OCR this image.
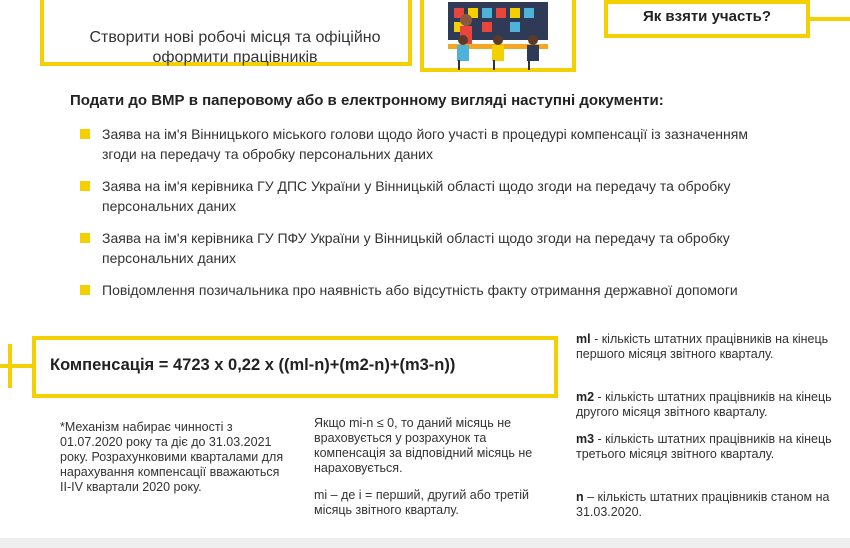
Створити нові робочі місця та офіційно оформити працівників
Як взяти участь?
Подати до ВМР в паперовому або в електронному вигляді наступні документи:
Заява на ім'я Вінницького міського голови щодо його участі в процедурі компенсації із зазначенням згоди на передачу та обробку персональних даних
Заява на ім'я керівника ГУ ДПС України у Вінницькій області щодо згоди на передачу та обробку персональних даних
Заява на ім'я керівника ГУ ПФУ України у Вінницькій області щодо згоди на передачу та обробку персональних даних
Повідомлення позичальника про наявність або відсутність факту отримання державної допомоги
Компенсація = 4723 x 0,22 x ((ml-n)+(m2-n)+(m3-n))
*Механізм набирає чинності з 01.07.2020 року та діє до 31.03.2021 року. Розрахунковими кварталами для нарахування компенсації вважаються II-IV квартали 2020 року.
Якщо mi-n ≤ 0, то даний місяць не враховується у розрахунок та компенсація за відповідний місяць не нараховується.
mi – де i = перший, другий або третій місяць звітного кварталу.
ml - кількість штатних працівників на кінець першого місяця звітного кварталу.
m2 - кількість штатних працівників на кінець другого місяця звітного кварталу.
m3 - кількість штатних працівників на кінець третього місяця звітного кварталу.
n – кількість штатних працівників станом на 31.03.2020.
